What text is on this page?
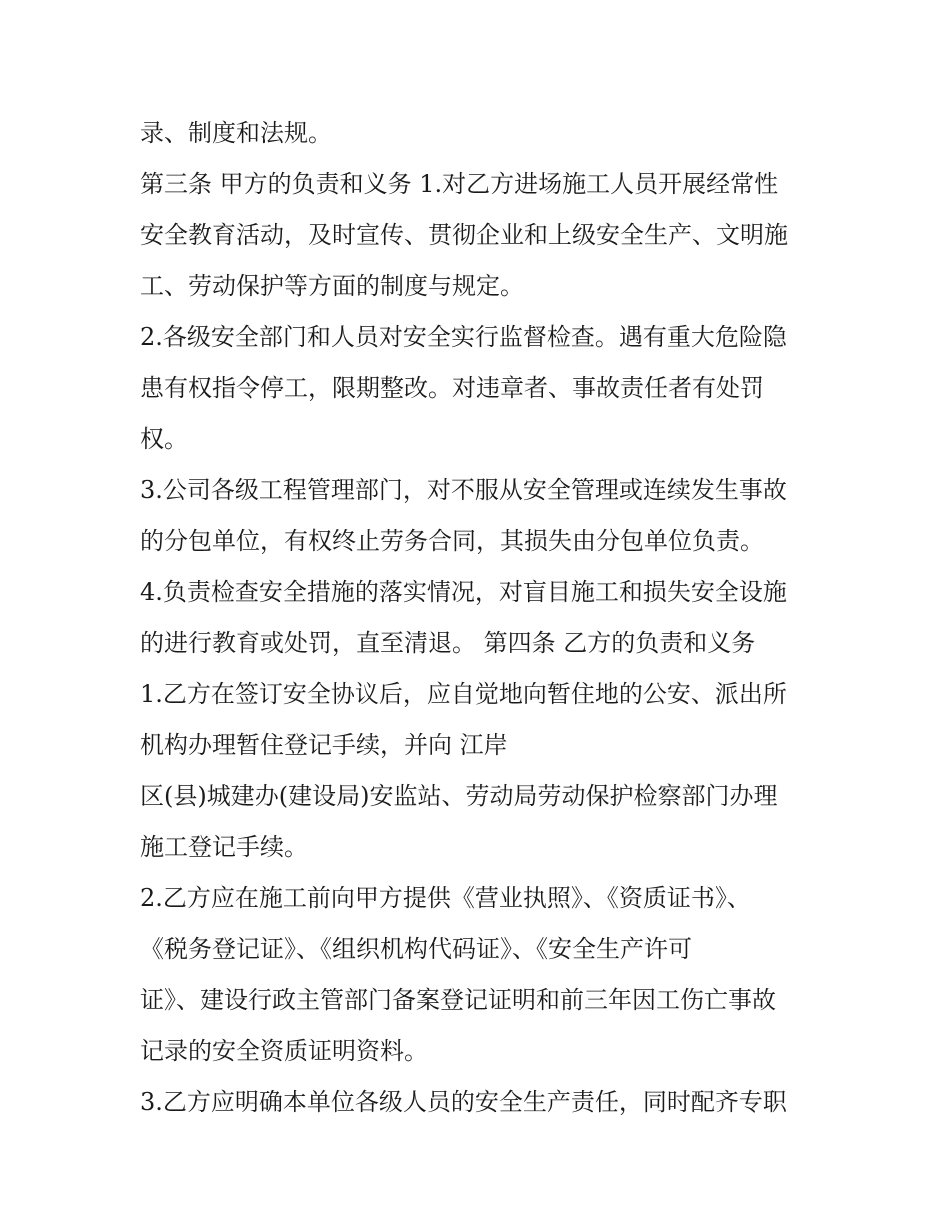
录、制度和法规。
第三条 甲方的负责和义务 1.对乙方进场施工人员开展经常性
安全教育活动，及时宣传、贯彻企业和上级安全生产、文明施
工、劳动保护等方面的制度与规定。
2.各级安全部门和人员对安全实行监督检查。遇有重大危险隐
患有权指令停工，限期整改。对违章者、事故责任者有处罚
权。
3.公司各级工程管理部门，对不服从安全管理或连续发生事故
的分包单位，有权终止劳务合同，其损失由分包单位负责。
4.负责检查安全措施的落实情况，对盲目施工和损失安全设施
的进行教育或处罚，直至清退。 第四条 乙方的负责和义务
1.乙方在签订安全协议后，应自觉地向暂住地的公安、派出所
机构办理暂住登记手续，并向 江岸
区(县)城建办(建设局)安监站、劳动局劳动保护检察部门办理
施工登记手续。
2.乙方应在施工前向甲方提供《营业执照》、《资质证书》、
《税务登记证》、《组织机构代码证》、《安全生产许可
证》、建设行政主管部门备案登记证明和前三年因工伤亡事故
记录的安全资质证明资料。
3.乙方应明确本单位各级人员的安全生产责任，同时配齐专职
